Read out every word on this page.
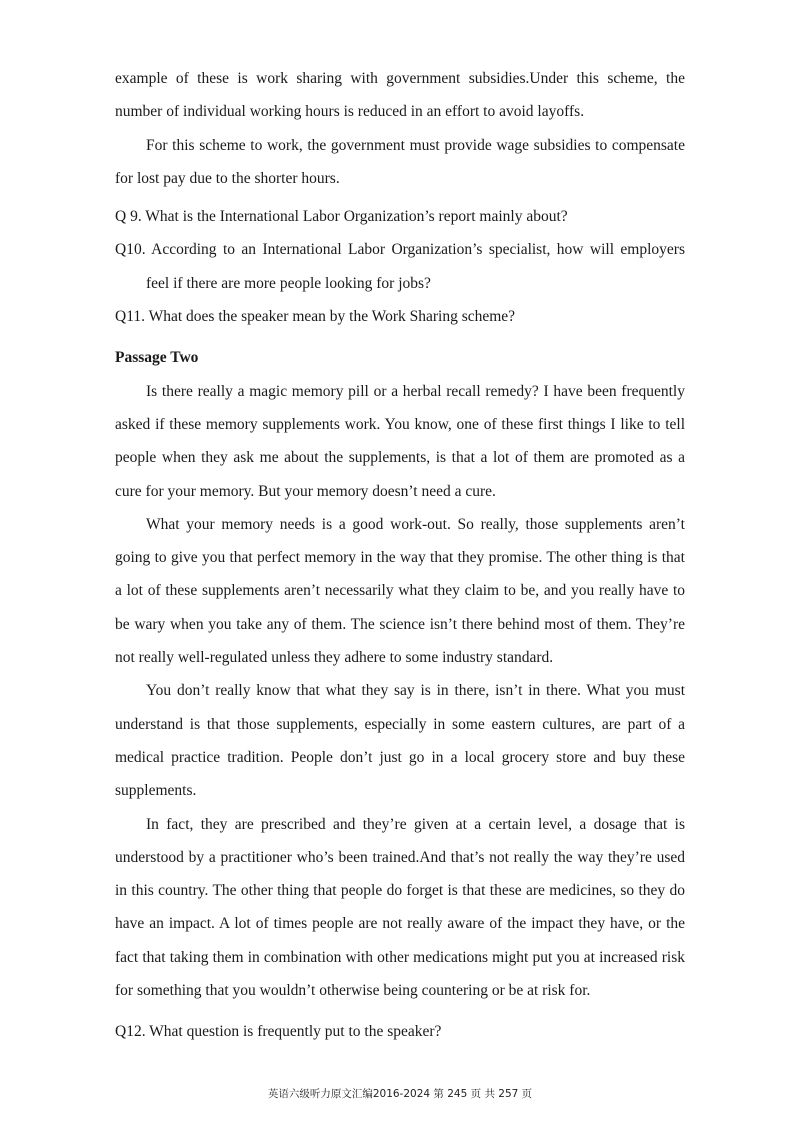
example of these is work sharing with government subsidies.Under this scheme, the number of individual working hours is reduced in an effort to avoid layoffs.

For this scheme to work, the government must provide wage subsidies to compensate for lost pay due to the shorter hours.

Q 9. What is the International Labor Organization’s report mainly about?

Q10. According to an International Labor Organization’s specialist, how will employers feel if there are more people looking for jobs?

Q11. What does the speaker mean by the Work Sharing scheme?

Passage Two

Is there really a magic memory pill or a herbal recall remedy? I have been frequently asked if these memory supplements work. You know, one of these first things I like to tell people when they ask me about the supplements, is that a lot of them are promoted as a cure for your memory. But your memory doesn’t need a cure.

What your memory needs is a good work-out. So really, those supplements aren’t going to give you that perfect memory in the way that they promise. The other thing is that a lot of these supplements aren’t necessarily what they claim to be, and you really have to be wary when you take any of them. The science isn’t there behind most of them. They’re not really well-regulated unless they adhere to some industry standard.

You don’t really know that what they say is in there, isn’t in there. What you must understand is that those supplements, especially in some eastern cultures, are part of a medical practice tradition. People don’t just go in a local grocery store and buy these supplements.

In fact, they are prescribed and they’re given at a certain level, a dosage that is understood by a practitioner who’s been trained.And that’s not really the way they’re used in this country. The other thing that people do forget is that these are medicines, so they do have an impact. A lot of times people are not really aware of the impact they have, or the fact that taking them in combination with other medications might put you at increased risk for something that you wouldn’t otherwise being countering or be at risk for.

Q12. What question is frequently put to the speaker?

英语六级听力原文汇编2016-2024 第 245 页 共 257 页
